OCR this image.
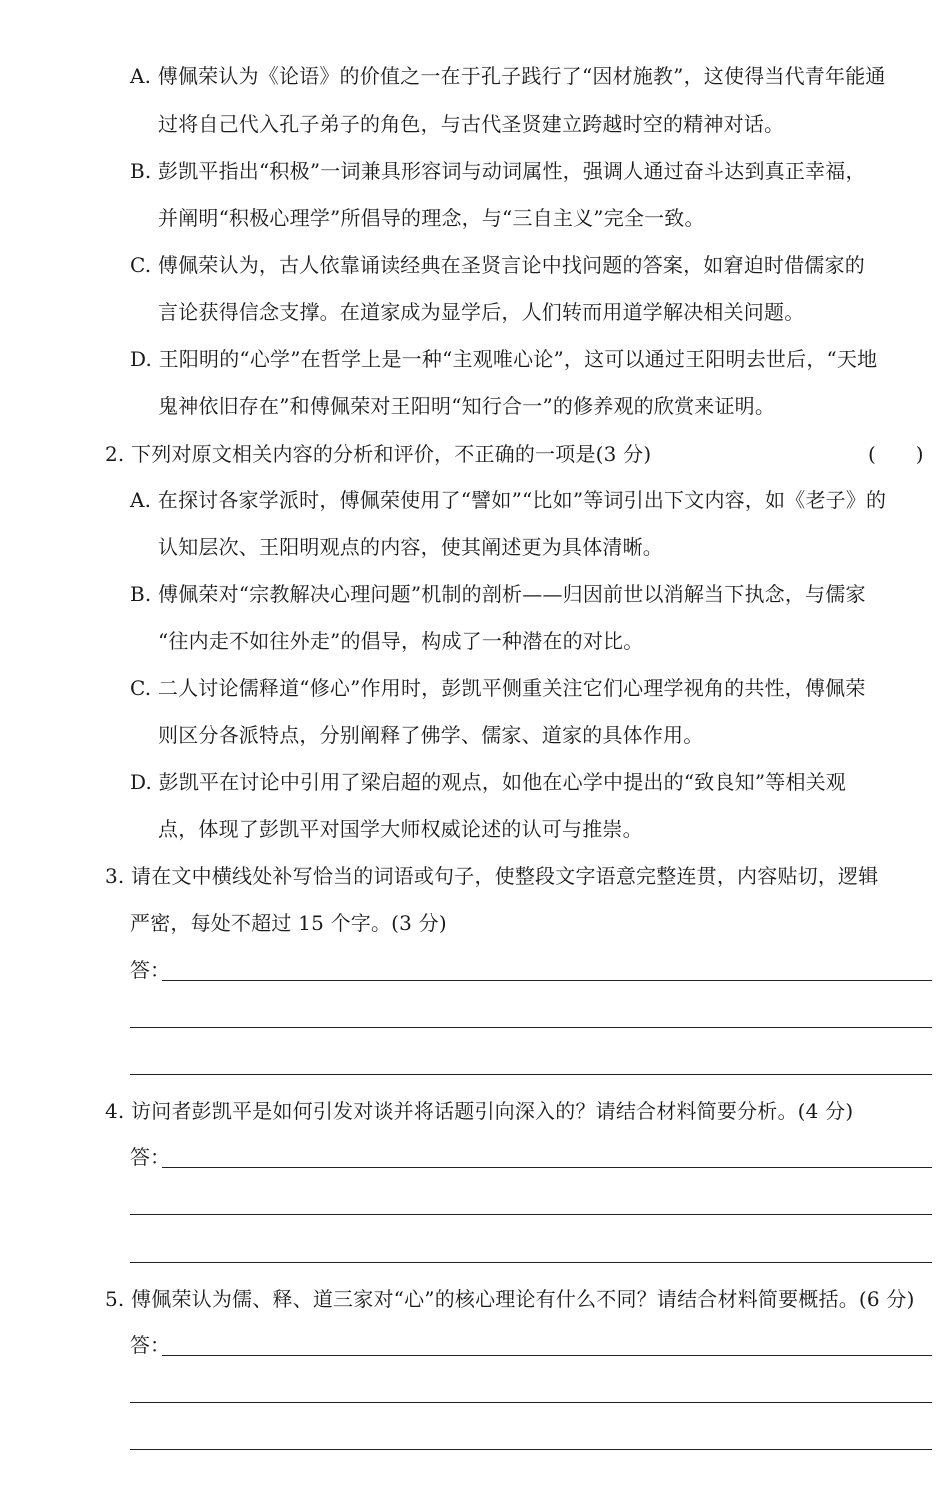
A. 傅佩荣认为《论语》的价值之一在于孔子践行了“因材施教”，这使得当代青年能通
过将自己代入孔子弟子的角色，与古代圣贤建立跨越时空的精神对话。
B. 彭凯平指出“积极”一词兼具形容词与动词属性，强调人通过奋斗达到真正幸福，
并阐明“积极心理学”所倡导的理念，与“三自主义”完全一致。
C. 傅佩荣认为，古人依靠诵读经典在圣贤言论中找问题的答案，如窘迫时借儒家的
言论获得信念支撑。在道家成为显学后，人们转而用道学解决相关问题。
D. 王阳明的“心学”在哲学上是一种“主观唯心论”，这可以通过王阳明去世后，“天地
鬼神依旧存在”和傅佩荣对王阳明“知行合一”的修养观的欣赏来证明。
2. 下列对原文相关内容的分析和评价，不正确的一项是(3 分)	(　　)
A. 在探讨各家学派时，傅佩荣使用了“譬如”“比如”等词引出下文内容，如《老子》的
认知层次、王阳明观点的内容，使其阐述更为具体清晰。
B. 傅佩荣对“宗教解决心理问题”机制的剖析——归因前世以消解当下执念，与儒家
“往内走不如往外走”的倡导，构成了一种潜在的对比。
C. 二人讨论儒释道“修心”作用时，彭凯平侧重关注它们心理学视角的共性，傅佩荣
则区分各派特点，分别阐释了佛学、儒家、道家的具体作用。
D. 彭凯平在讨论中引用了梁启超的观点，如他在心学中提出的“致良知”等相关观
点，体现了彭凯平对国学大师权威论述的认可与推崇。
3. 请在文中横线处补写恰当的词语或句子，使整段文字语意完整连贯，内容贴切，逻辑
严密，每处不超过 15 个字。(3 分)
答：
4. 访问者彭凯平是如何引发对谈并将话题引向深入的？请结合材料简要分析。(4 分)
答：
5. 傅佩荣认为儒、释、道三家对“心”的核心理论有什么不同？请结合材料简要概括。(6 分)
答：
